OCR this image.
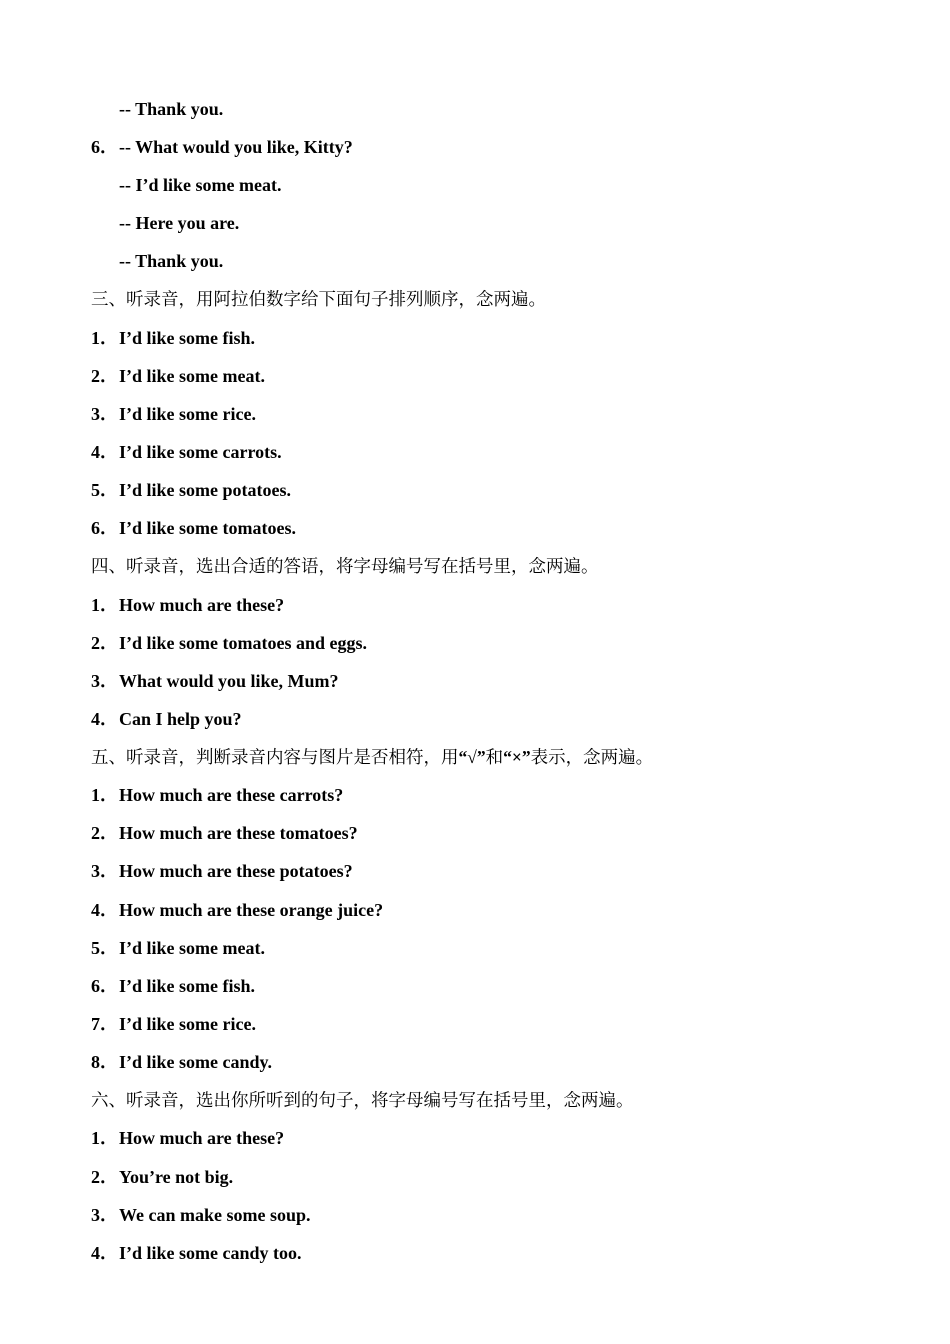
-- Thank you.
6．-- What would you like, Kitty?
-- I’d like some meat.
-- Here you are.
-- Thank you.
三、听录音，用阿拉伯数字给下面句子排列顺序，念两遍。
1．I’d like some fish.
2．I’d like some meat.
3．I’d like some rice.
4．I’d like some carrots.
5．I’d like some potatoes.
6．I’d like some tomatoes.
四、听录音，选出合适的答语，将字母编号写在括号里，念两遍。
1．How much are these?
2．I’d like some tomatoes and eggs.
3．What would you like, Mum?
4．Can I help you?
五、听录音，判断录音内容与图片是否相符，用“√”和“×”表示，念两遍。
1．How much are these carrots?
2．How much are these tomatoes?
3．How much are these potatoes?
4．How much are these orange juice?
5．I’d like some meat.
6．I’d like some fish.
7．I’d like some rice.
8．I’d like some candy.
六、听录音，选出你所听到的句子，将字母编号写在括号里，念两遍。
1．How much are these?
2．You’re not big.
3．We can make some soup.
4．I’d like some candy too.
